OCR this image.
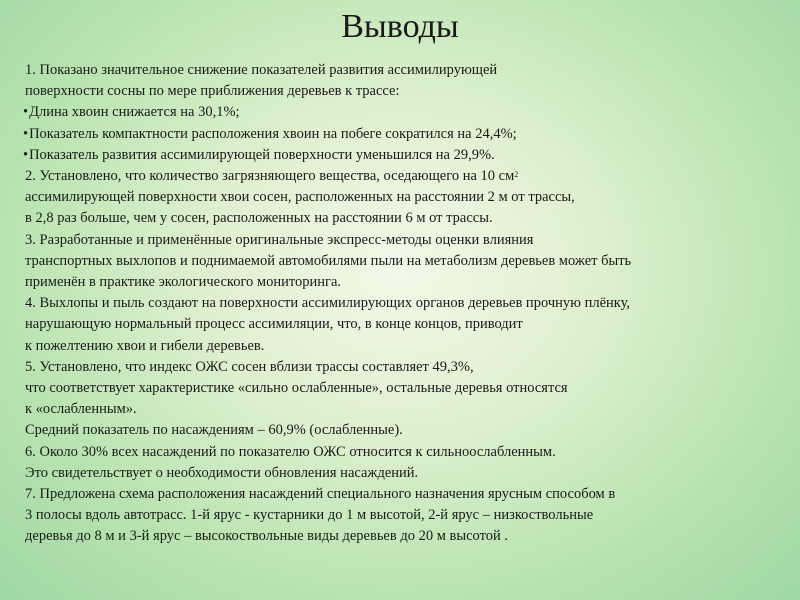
Выводы
1. Показано значительное снижение показателей развития ассимилирующей
поверхности сосны по мере приближения деревьев к трассе:
• Длина хвоин снижается на 30,1%;
• Показатель компактности расположения хвоин на побеге сократился на 24,4%;
• Показатель развития ассимилирующей поверхности уменьшился на 29,9%.
2. Установлено, что количество загрязняющего вещества, оседающего на 10 $см^2$
ассимилирующей поверхности хвои сосен, расположенных на расстоянии 2 м от трассы,
в 2,8 раз больше, чем у сосен, расположенных на расстоянии 6 м от трассы.
3. Разработанные и применённые оригинальные экспресс-методы оценки влияния
транспортных выхлопов и поднимаемой автомобилями пыли на метаболизм деревьев может быть
применён в практике экологического мониторинга.
4. Выхлопы и пыль создают на поверхности ассимилирующих органов деревьев прочную плёнку,
нарушающую нормальный процесс ассимиляции, что, в конце концов, приводит
к пожелтению хвои и гибели деревьев.
5. Установлено, что индекс ОЖС сосен вблизи трассы составляет 49,3%,
что соответствует характеристике «сильно ослабленные», остальные деревья относятся
к «ослабленным».
Средний показатель по насаждениям – 60,9% (ослабленные).
6. Около 30% всех насаждений по показателю ОЖС относится к сильноослабленным.
Это свидетельствует о необходимости обновления насаждений.
7. Предложена схема расположения насаждений специального назначения ярусным способом в
3 полосы вдоль автотрасс. 1-й ярус - кустарники до 1 м высотой, 2-й ярус – низкоствольные
деревья до 8 м и 3-й ярус – высокоствольные виды деревьев до 20 м высотой .
